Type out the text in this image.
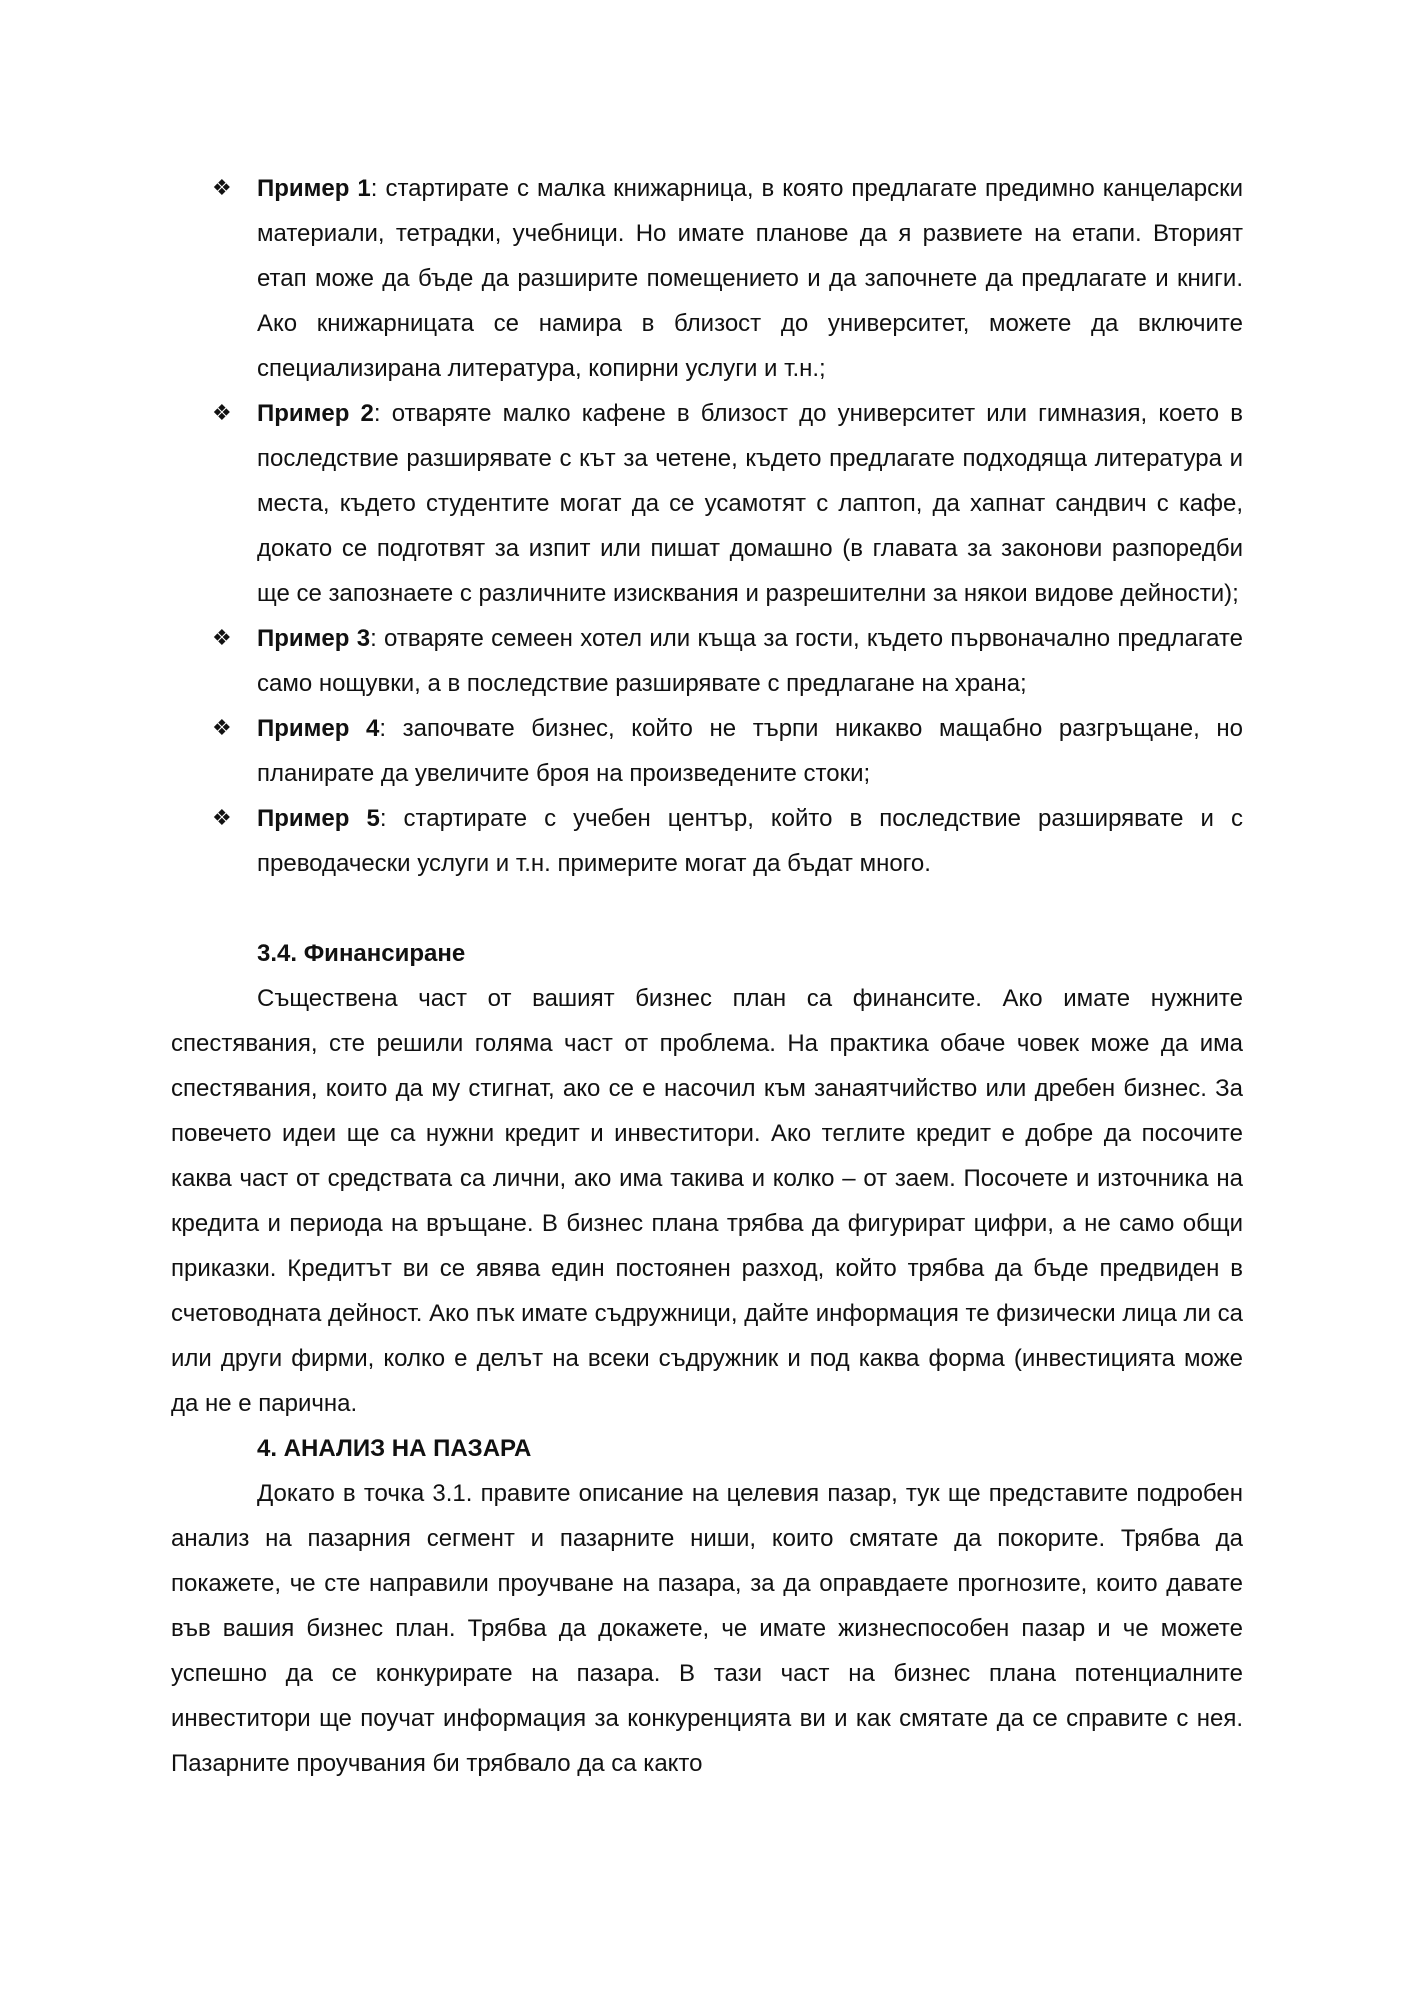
❖ Пример 1: стартирате с малка книжарница, в която предлагате предимно канцеларски материали, тетрадки, учебници. Но имате планове да я развиете на етапи. Вторият етап може да бъде да разширите помещението и да започнете да предлагате и книги. Ако книжарницата се намира в близост до университет, можете да включите специализирана литература, копирни услуги и т.н.;
❖ Пример 2: отваряте малко кафене в близост до университет или гимназия, което в последствие разширявате с кът за четене, където предлагате подходяща литература и места, където студентите могат да се усамотят с лаптоп, да хапнат сандвич с кафе, докато се подготвят за изпит или пишат домашно (в главата за законови разпоредби ще се запознаете с различните изисквания и разрешителни за някои видове дейности);
❖ Пример 3: отваряте семеен хотел или къща за гости, където първоначално предлагате само нощувки, а в последствие разширявате с предлагане на храна;
❖ Пример 4: започвате бизнес, който не търпи никакво мащабно разгръщане, но планирате да увеличите броя на произведените стоки;
❖ Пример 5: стартирате с учебен център, който в последствие разширявате и с преводачески услуги и т.н. примерите могат да бъдат много.
3.4. Финансиране

Съществена част от вашият бизнес план са финансите. Ако имате нужните спестявания, сте решили голяма част от проблема. На практика обаче човек може да има спестявания, които да му стигнат, ако се е насочил към занаятчийство или дребен бизнес. За повечето идеи ще са нужни кредит и инвеститори. Ако теглите кредит е добре да посочите каква част от средствата са лични, ако има такива и колко – от заем. Посочете и източника на кредита и периода на връщане. В бизнес плана трябва да фигурират цифри, а не само общи приказки. Кредитът ви се явява един постоянен разход, който трябва да бъде предвиден в счетоводната дейност. Ако пък имате съдружници, дайте информация те физически лица ли са или други фирми, колко е делът на всеки съдружник и под каква форма (инвестицията може да не е парична.

4. АНАЛИЗ НА ПАЗАРА

Докато в точка 3.1. правите описание на целевия пазар, тук ще представите подробен анализ на пазарния сегмент и пазарните ниши, които смятате да покорите. Трябва да покажете, че сте направили проучване на пазара, за да оправдаете прогнозите, които давате във вашия бизнес план. Трябва да докажете, че имате жизнеспособен пазар и че можете успешно да се конкурирате на пазара. В тази част на бизнес плана потенциалните инвеститори ще поучат информация за конкуренцията ви и как смятате да се справите с нея. Пазарните проучвания би трябвало да са както
